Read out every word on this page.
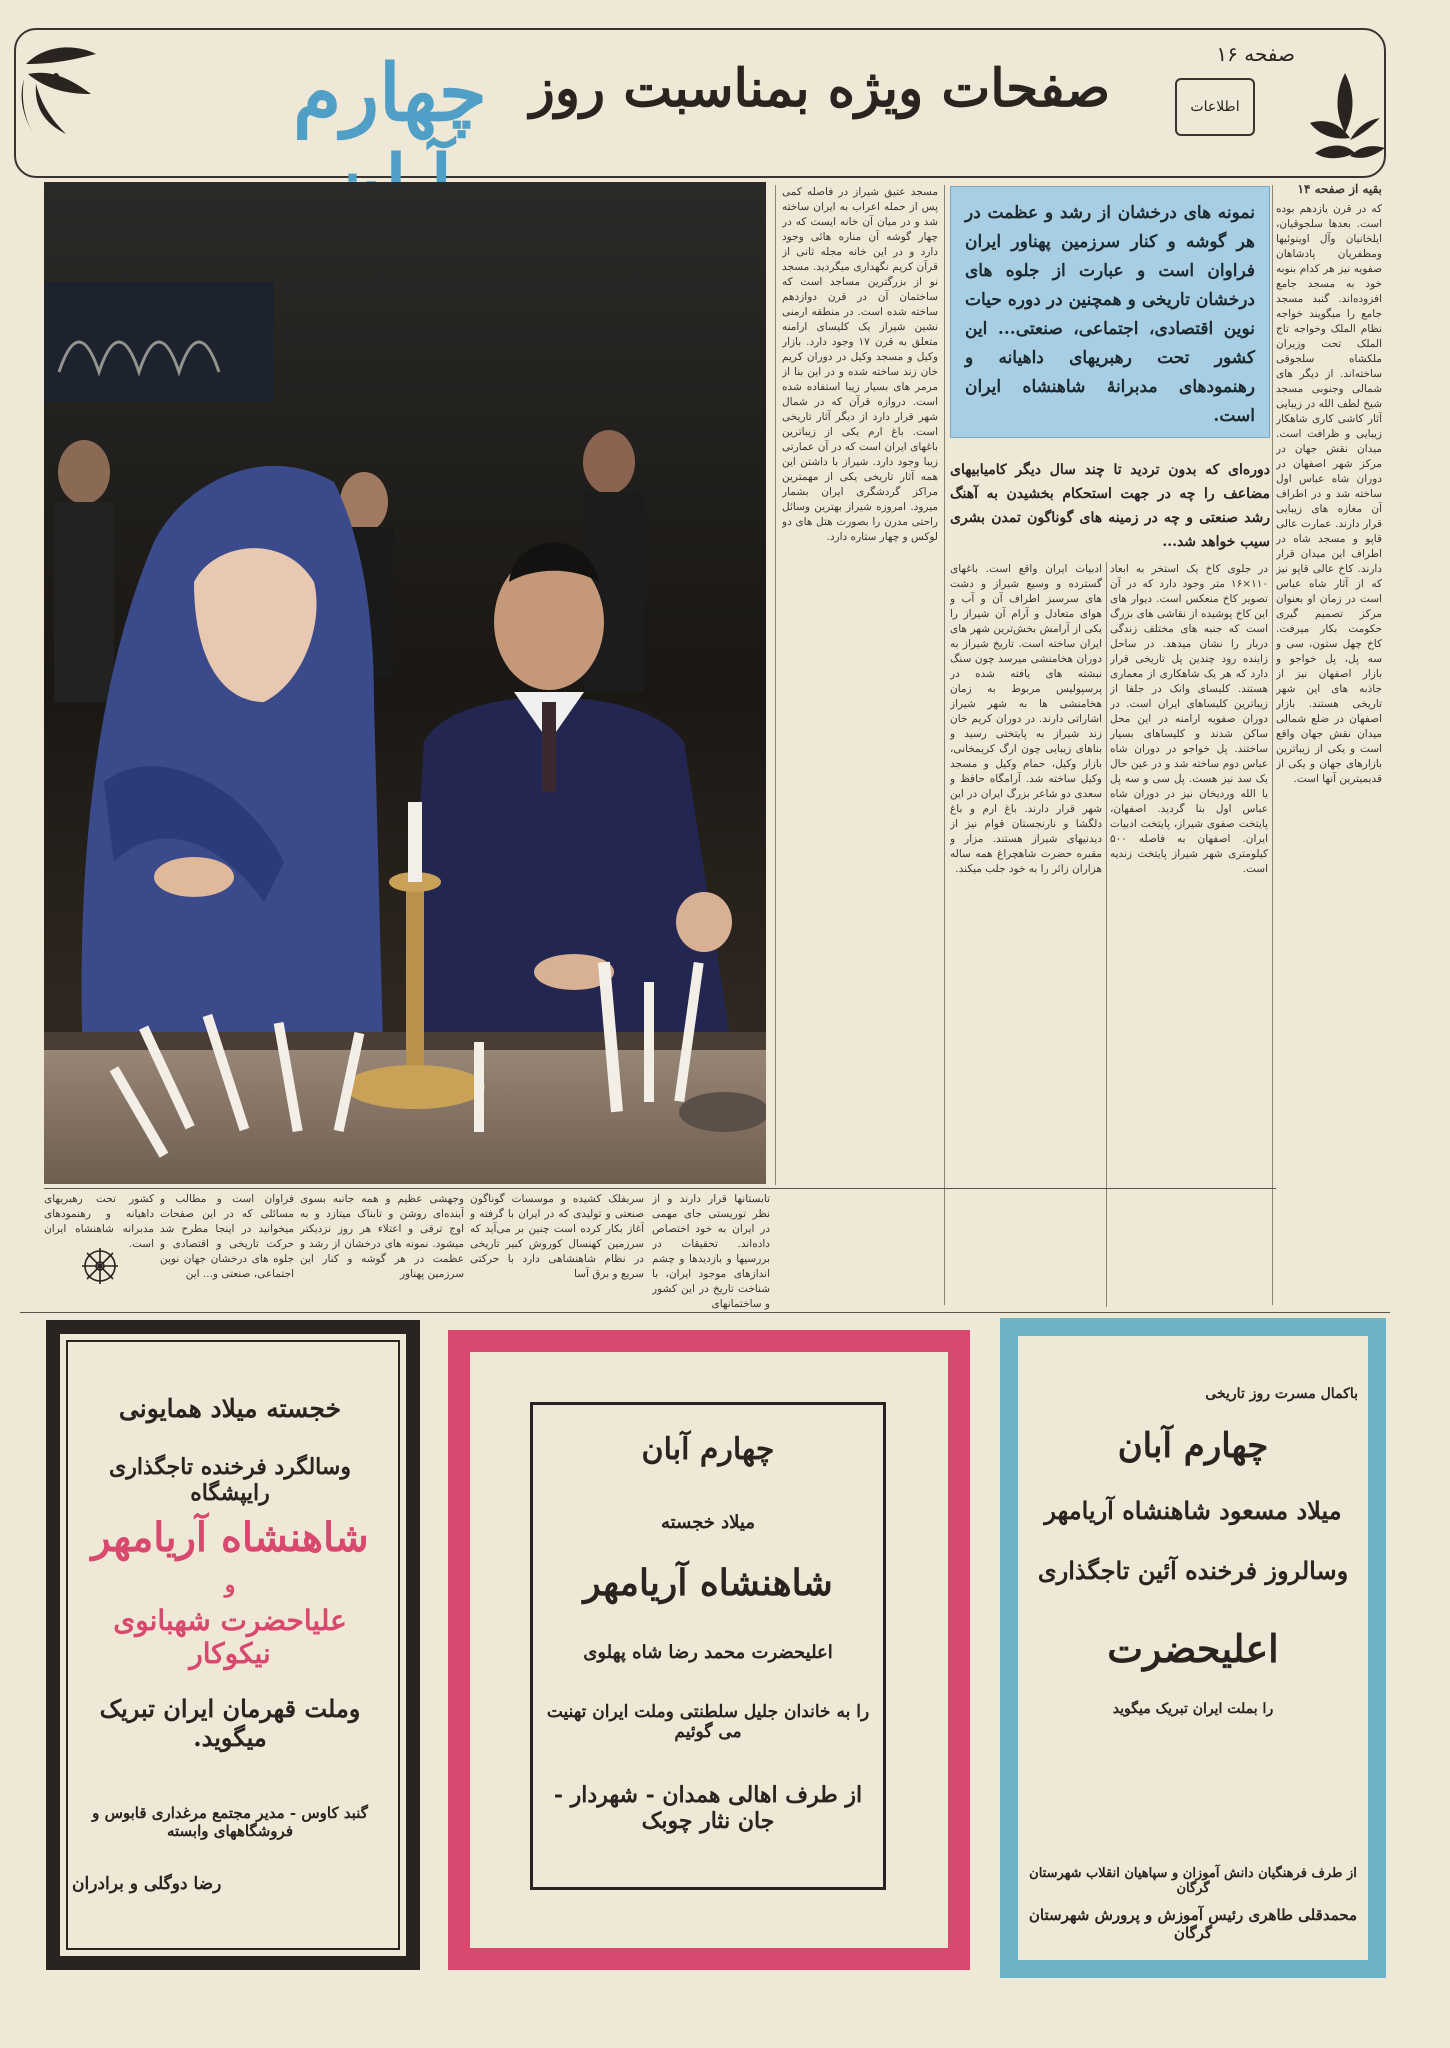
صفحه ۱۶
اطلاعات
صفحات ویژه بمناسبت روز
چهارم
بقیه از صفحه ۱۴
که در قرن یازدهم بوده است. بعدها سلجوقیان، ایلخانیان وآل اوینوئیها ومظفریان پادشاهان صفویه نیز هر کدام بنوبه خود به مسجد جامع افزوده‌اند. گنبد مسجد جامع را میگویند خواجه نظام الملک وخواجه تاج الملک تحت وزیران ملکشاه سلجوقی ساخته‌اند. از دیگر های شمالی وجنوبی مسجد شیخ لطف الله در زیبایی آثار کاشی کاری شاهکار زیبایی و ظرافت است. میدان نقش جهان در مرکز شهر اصفهان در دوران شاه عباس اول ساخته شد و در اطراف آن مغازه های زیبایی قرار دارند. عمارت عالی قاپو و مسجد شاه در اطراف این میدان قرار دارند. کاخ عالی قاپو نیز که از آثار شاه عباس است در زمان او بعنوان مرکز تصمیم گیری حکومت بکار میرفت. کاخ چهل ستون، سی و سه پل، پل خواجو و بازار اصفهان نیز از جاذبه های این شهر تاریخی هستند. بازار اصفهان در ضلع شمالی میدان نقش جهان واقع است و یکی از زیباترین بازارهای جهان و یکی از قدیمیترین آنها است.
نمونه های درخشان از رشد و عظمت در هر گوشه و کنار سرزمین پهناور ایران فراوان است و عبارت از جلوه های درخشان تاریخی و همچنین در دوره حیات نوین اقتصادی، اجتماعی، صنعتی... این کشور تحت رهبریهای داهیانه و رهنمودهای مدبرانهٔ شاهنشاه ایران است.
دوره‌ای که بدون تردید تا چند سال دیگر کامیابیهای مضاعف را چه در جهت استحکام بخشیدن به آهنگ رشد صنعتی و چه در زمینه های گوناگون تمدن بشری سیب خواهد شد...
در جلوی کاخ یک استخر به ابعاد ۱۱۰×۱۶ متر وجود دارد که در آن تصویر کاخ منعکس است. دیوار های این کاخ پوشیده از نقاشی های بزرگ است که جنبه های مختلف زندگی دربار را نشان میدهد. در ساحل زاینده رود چندین پل تاریخی قرار دارد که هر یک شاهکاری از معماری هستند. کلیسای وانک در جلفا از زیباترین کلیساهای ایران است. در دوران صفویه ارامنه در این محل ساکن شدند و کلیساهای بسیار ساختند. پل خواجو در دوران شاه عباس دوم ساخته شد و در عین حال یک سد نیز هست. پل سی و سه پل یا الله وردیخان نیز در دوران شاه عباس اول بنا گردید. اصفهان، پایتخت صفوی شیراز، پایتخت ادبیات ایران. اصفهان به فاصله ۵۰۰ کیلومتری شهر شیراز پایتخت زندیه است.
ادبیات ایران واقع است. باغهای گسترده و وسیع شیراز و دشت های سرسبز اطراف آن و آب و هوای متعادل و آرام آن شیراز را یکی از آرامش بخش‌ترین شهر های ایران ساخته است. تاریخ شیراز به دوران هخامنشی میرسد چون سنگ نبشته های یافته شده در پرسپولیس مربوط به زمان هخامنشی ها به شهر شیراز اشاراتی دارند. در دوران کریم خان زند شیراز به پایتختی رسید و بناهای زیبایی چون ارگ کریمخانی، بازار وکیل، حمام وکیل و مسجد وکیل ساخته شد. آرامگاه حافظ و سعدی دو شاعر بزرگ ایران در این شهر قرار دارند. باغ ارم و باغ دلگشا و نارنجستان قوام نیز از دیدنیهای شیراز هستند. مزار و مقبره حضرت شاهچراغ همه ساله هزاران زائر را به خود جلب میکند.
مسجد عتیق شیراز در فاصله کمی پس از حمله اعراب به ایران ساخته شد و در میان آن خانه ایست که در چهار گوشه آن مناره هائی وجود دارد و در این خانه مجله ثانی از قرآن کریم نگهداری میگردید. مسجد نو از بزرگترین مساجد است که ساختمان آن در قرن دوازدهم ساخته شده است. در منطقه ارمنی نشین شیراز یک کلیسای ارامنه متعلق به قرن ۱۷ وجود دارد. بازار وکیل و مسجد وکیل در دوران کریم خان زند ساخته شده و در این بنا از مرمر های بسیار زیبا استفاده شده است. دروازه قرآن که در شمال شهر قرار دارد از دیگر آثار تاریخی است. باغ ارم یکی از زیباترین باغهای ایران است که در آن عمارتی زیبا وجود دارد. شیراز با داشتن این همه آثار تاریخی یکی از مهمترین مراکز گردشگری ایران بشمار میرود. امروزه شیراز بهترین وسائل راحتی مدرن را بصورت هتل های دو لوکس و چهار ستاره دارد.
تابستانها قرار دارند و از نظر توریستی جای مهمی در ایران به خود اختصاص داده‌اند. تحقیقات در بررسیها و بازدیدها و چشم اندازهای موجود ایران، با شناخت تاریخ در این کشور و ساختمانهای
سربفلک کشیده و موسسات گوناگون صنعتی و تولیدی که در ایران با گرفته و آغاز بکار کرده است چنین بر می‌آید که سرزمین کهنسال کوروش کبیر تاریخی در نظام شاهنشاهی دارد با حرکتی سریع و برق آسا
وجهشی عظیم و همه جانبه بسوی آینده‌ای روشن و تابناک میتازد و به اوج ترقی و اعتلاء هر روز نزدیکتر میشود. نمونه های درخشان از رشد و عظمت در هر گوشه و کنار این سرزمین پهناور
فراوان است و مطالب و مسائلی که در این صفحات میخوانید در اینجا مطرح شد حرکت تاریخی و اقتصادی و جلوه های درخشان جهان نوین اجتماعی، صنعتی و... این
کشور تحت رهبریهای داهیانه و رهنمودهای مدبرانه شاهنشاه ایران است.
خجسته میلاد همایونی
وسالگرد فرخنده تاجگذاری رایپشگاه
شاهنشاه آریامهر
و
علیاحضرت شهبانوی نیکوکار
وملت قهرمان ایران تبریک میگوید.
گنبد کاوس - مدیر مجتمع مرغداری قابوس و فروشگاههای وابسته
رضا دوگلی و برادران
چهارم آبان
میلاد خجسته
شاهنشاه آریامهر
اعلیحضرت محمد رضا شاه پهلوی
را به خاندان جلیل سلطنتی وملت ایران تهنیت می گوئیم
از طرف اهالی همدان - شهردار - جان نثار چوبک
باکمال مسرت روز تاریخی
چهارم آبان
میلاد مسعود شاهنشاه آریامهر
وسالروز فرخنده آئین تاجگذاری
اعلیحضرت
را بملت ایران تبریک میگوید
از طرف فرهنگیان دانش آموزان و سپاهیان انقلاب شهرستان گرگان
محمدقلی طاهری رئیس آموزش و پرورش شهرستان گرگان
